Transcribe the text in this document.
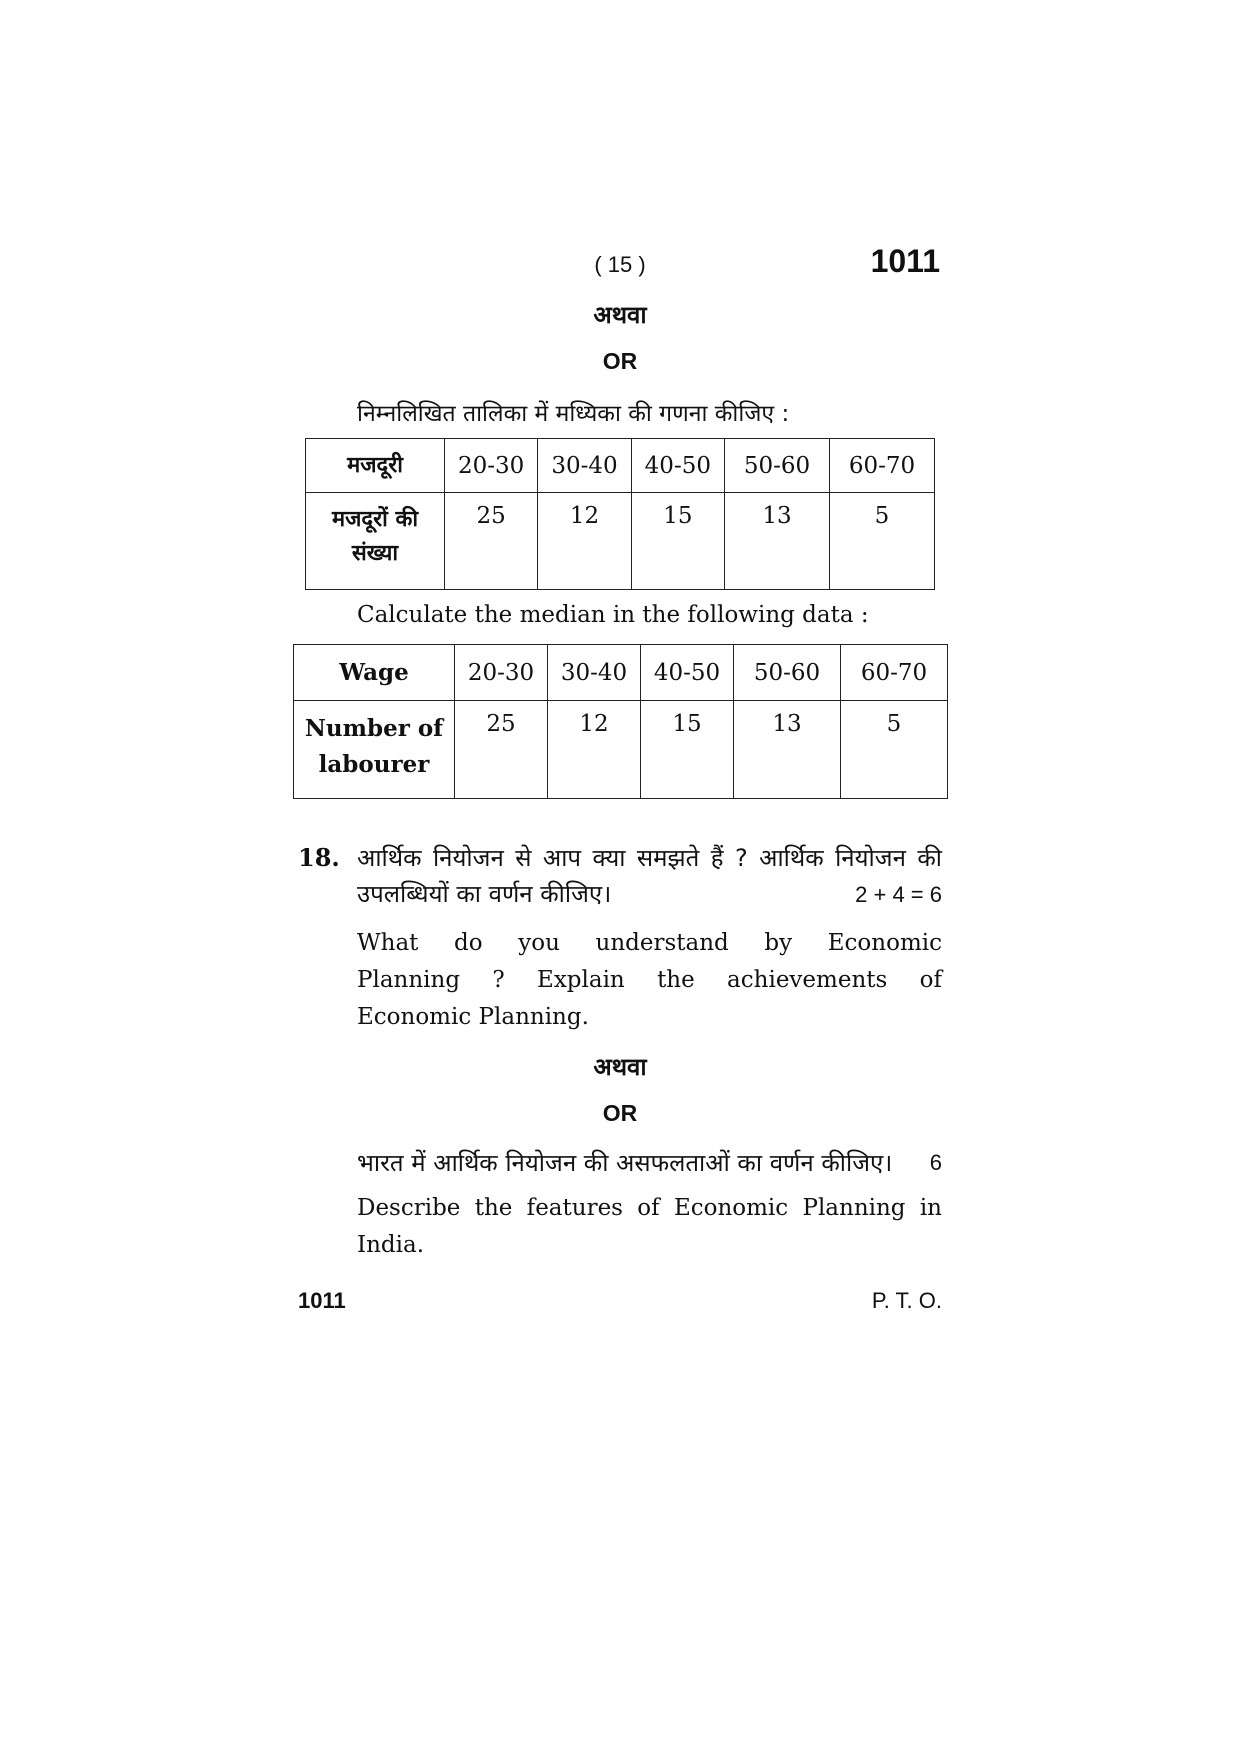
( 15 )	1011
अथवा
OR
निम्नलिखित तालिका में मध्यिका की गणना कीजिए :
मजदूरी	20-30	30-40	40-50	50-60	60-70
मजदूरों की
संख्या	25	12	15	13	5
Calculate the median in the following data :
Wage	20-30	30-40	40-50	50-60	60-70
Number of
labourer	25	12	15	13	5
18. आर्थिक नियोजन से आप क्या समझते हैं ? आर्थिक नियोजन की
उपलब्धियों का वर्णन कीजिए।	2 + 4 = 6
What do you understand by Economic
Planning ? Explain the achievements of
Economic Planning.
अथवा
OR
भारत में आर्थिक नियोजन की असफलताओं का वर्णन कीजिए। 6
Describe the features of Economic Planning in
India.
1011	P. T. O.
